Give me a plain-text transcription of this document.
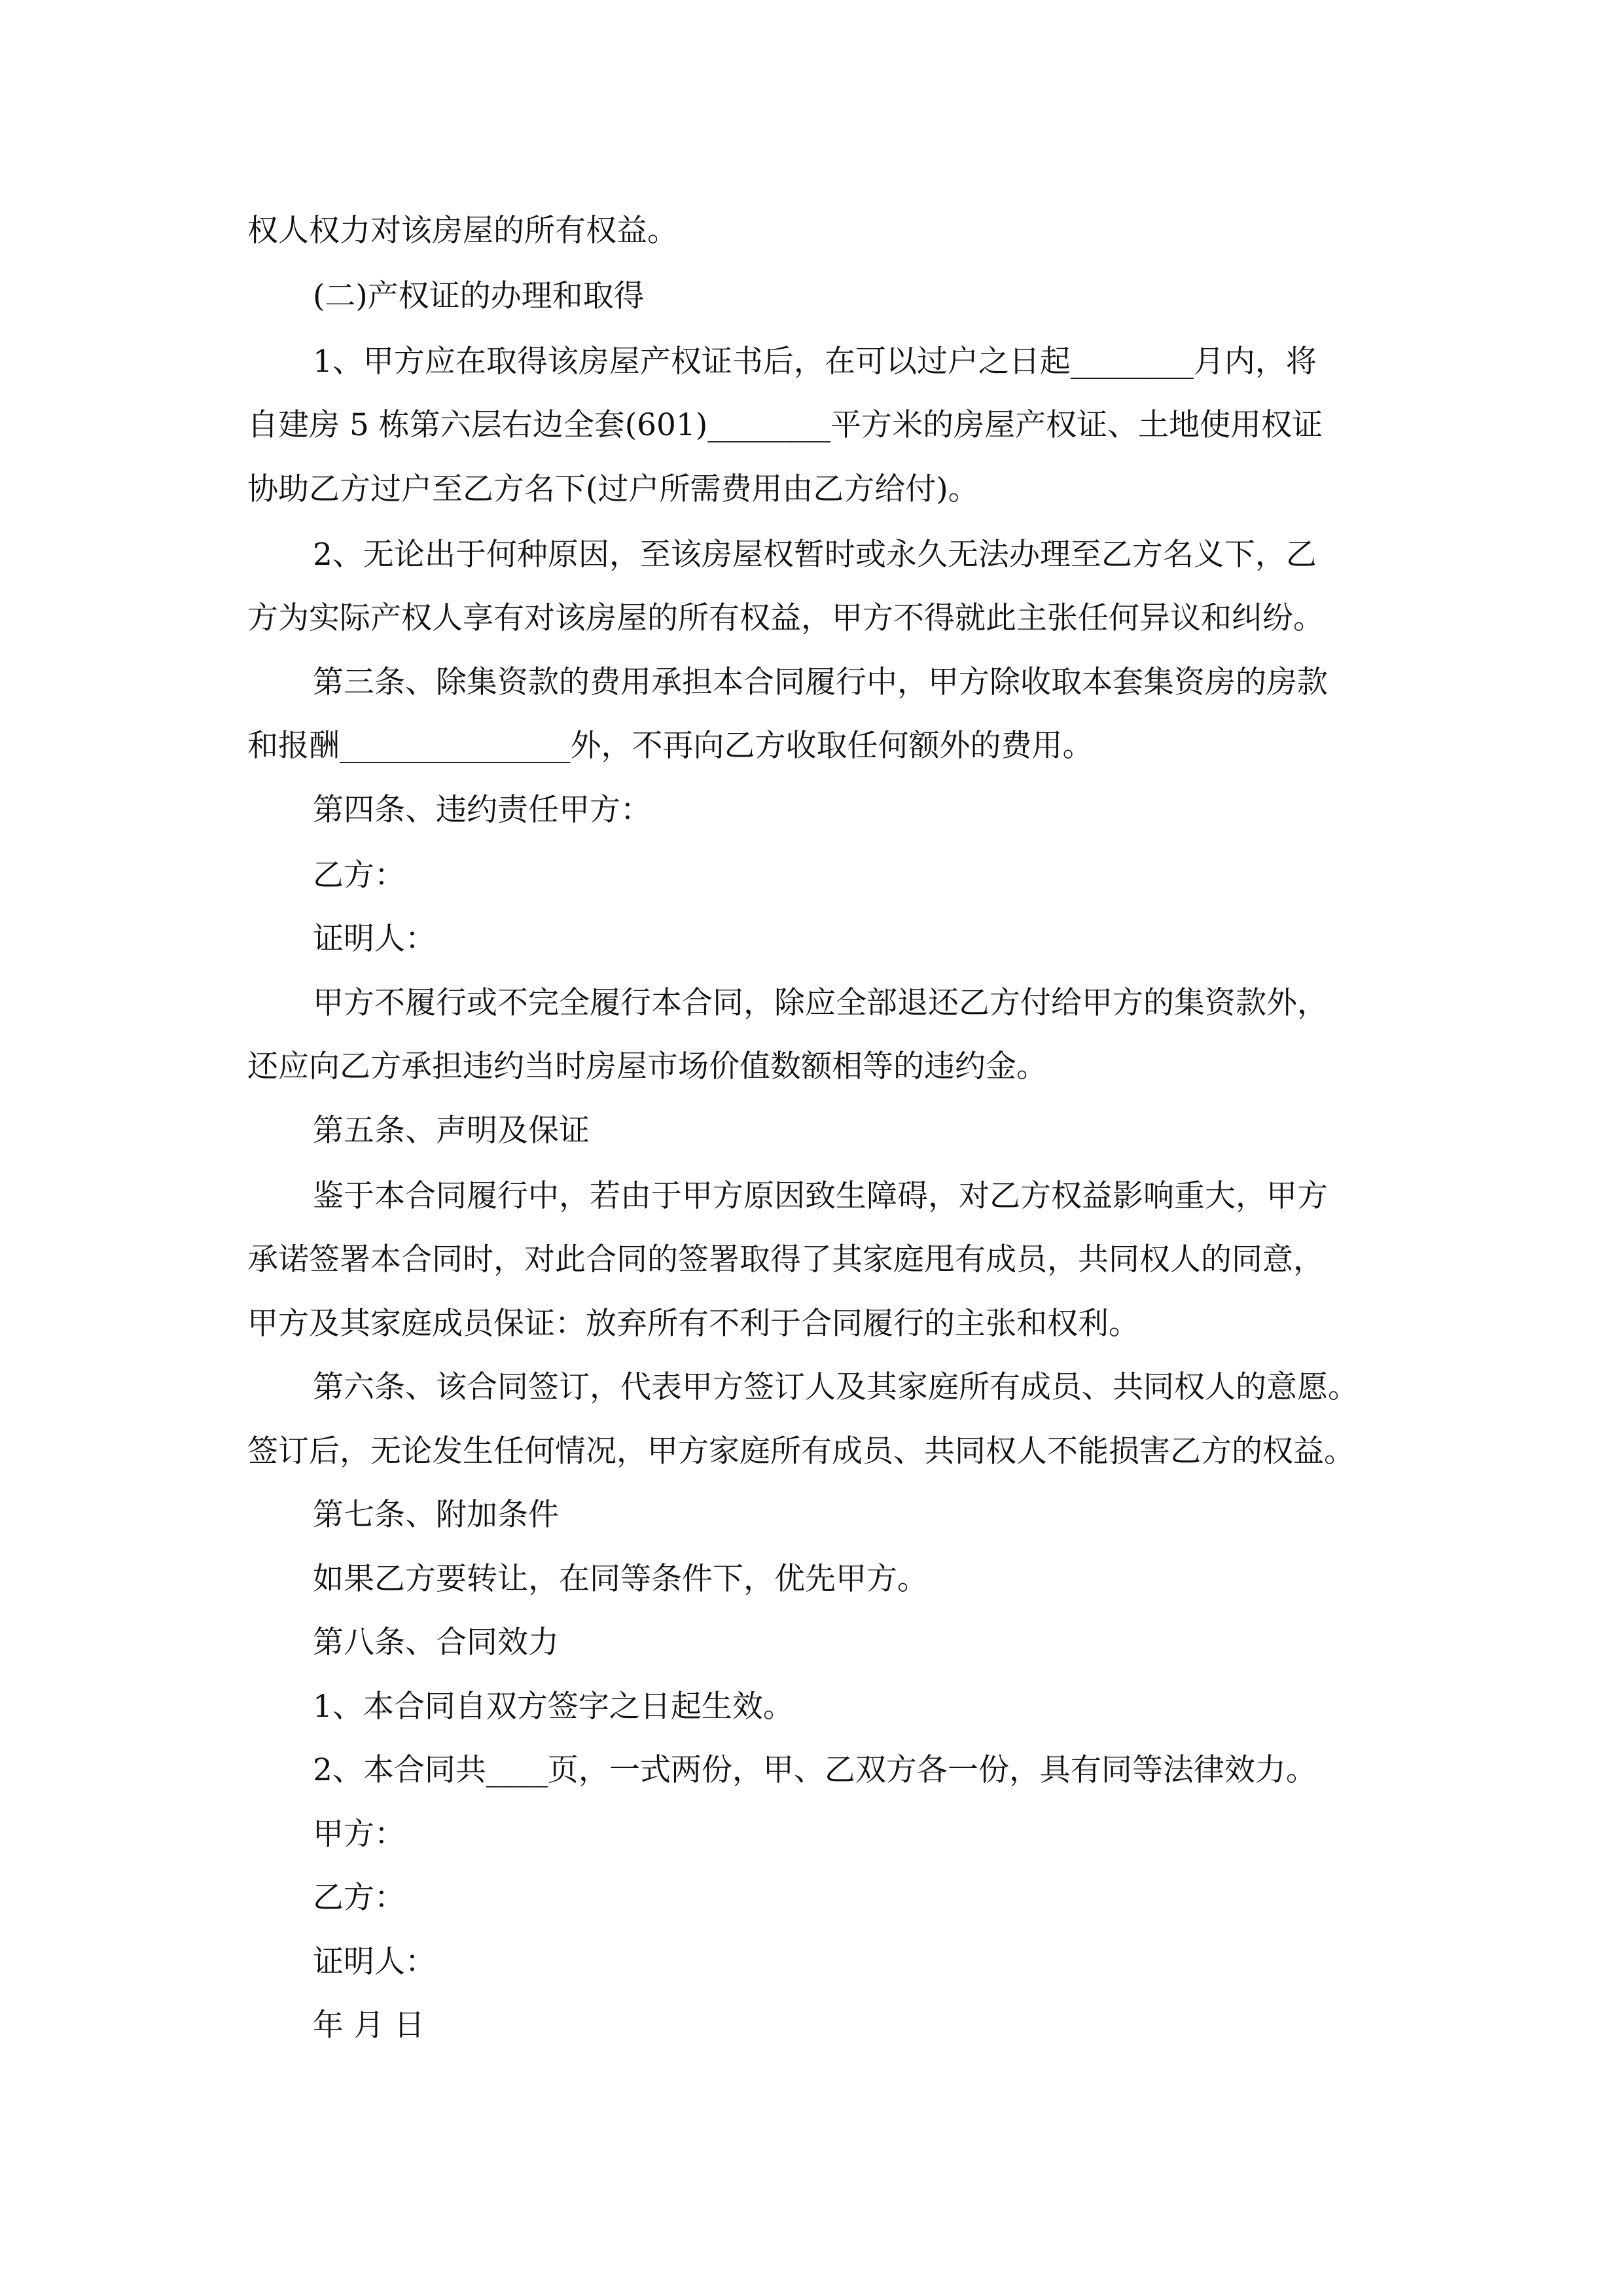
权人权力对该房屋的所有权益。
(二)产权证的办理和取得
1、甲方应在取得该房屋产权证书后，在可以过户之日起________月内，将
自建房 5 栋第六层右边全套(601)________平方米的房屋产权证、土地使用权证
协助乙方过户至乙方名下(过户所需费用由乙方给付)。
2、无论出于何种原因，至该房屋权暂时或永久无法办理至乙方名义下，乙
方为实际产权人享有对该房屋的所有权益，甲方不得就此主张任何异议和纠纷。
第三条、除集资款的费用承担本合同履行中，甲方除收取本套集资房的房款
和报酬_______________外，不再向乙方收取任何额外的费用。
第四条、违约责任甲方：
乙方：
证明人：
甲方不履行或不完全履行本合同，除应全部退还乙方付给甲方的集资款外，
还应向乙方承担违约当时房屋市场价值数额相等的违约金。
第五条、声明及保证
鉴于本合同履行中，若由于甲方原因致生障碍，对乙方权益影响重大，甲方
承诺签署本合同时，对此合同的签署取得了其家庭甩有成员，共同权人的同意，
甲方及其家庭成员保证：放弃所有不利于合同履行的主张和权利。
第六条、该合同签订，代表甲方签订人及其家庭所有成员、共同权人的意愿。
签订后，无论发生任何情况，甲方家庭所有成员、共同权人不能损害乙方的权益。
第七条、附加条件
如果乙方要转让，在同等条件下，优先甲方。
第八条、合同效力
1、本合同自双方签字之日起生效。
2、本合同共____页，一式两份，甲、乙双方各一份，具有同等法律效力。
甲方：
乙方：
证明人：
年 月 日
